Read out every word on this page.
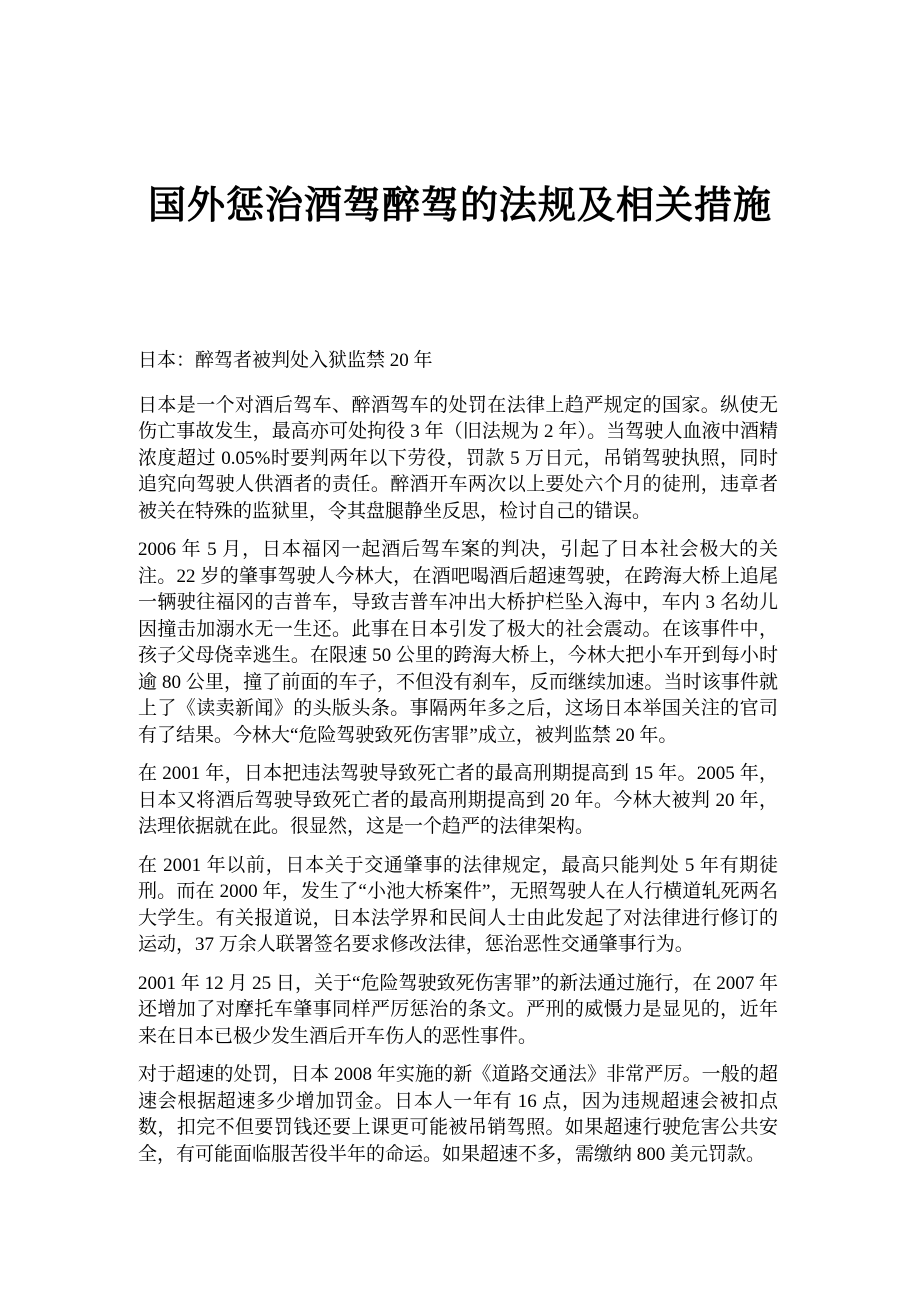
国外惩治酒驾醉驾的法规及相关措施

日本：醉驾者被判处入狱监禁 20 年

日本是一个对酒后驾车、醉酒驾车的处罚在法律上趋严规定的国家。纵使无伤亡事故发生，最高亦可处拘役 3 年（旧法规为 2 年）。当驾驶人血液中酒精浓度超过 0.05%时要判两年以下劳役，罚款 5 万日元，吊销驾驶执照，同时追究向驾驶人供酒者的责任。醉酒开车两次以上要处六个月的徒刑，违章者被关在特殊的监狱里，令其盘腿静坐反思，检讨自己的错误。

2006 年 5 月，日本福冈一起酒后驾车案的判决，引起了日本社会极大的关注。22 岁的肇事驾驶人今林大，在酒吧喝酒后超速驾驶，在跨海大桥上追尾一辆驶往福冈的吉普车，导致吉普车冲出大桥护栏坠入海中，车内 3 名幼儿因撞击加溺水无一生还。此事在日本引发了极大的社会震动。在该事件中，孩子父母侥幸逃生。在限速 50 公里的跨海大桥上，今林大把小车开到每小时逾 80 公里，撞了前面的车子，不但没有刹车，反而继续加速。当时该事件就上了《读卖新闻》的头版头条。事隔两年多之后，这场日本举国关注的官司有了结果。今林大“危险驾驶致死伤害罪”成立，被判监禁 20 年。

在 2001 年，日本把违法驾驶导致死亡者的最高刑期提高到 15 年。2005 年，日本又将酒后驾驶导致死亡者的最高刑期提高到 20 年。今林大被判 20 年，法理依据就在此。很显然，这是一个趋严的法律架构。

在 2001 年以前，日本关于交通肇事的法律规定，最高只能判处 5 年有期徒刑。而在 2000 年，发生了“小池大桥案件”，无照驾驶人在人行横道轧死两名大学生。有关报道说，日本法学界和民间人士由此发起了对法律进行修订的运动，37 万余人联署签名要求修改法律，惩治恶性交通肇事行为。

2001 年 12 月 25 日，关于“危险驾驶致死伤害罪”的新法通过施行，在 2007 年还增加了对摩托车肇事同样严厉惩治的条文。严刑的威慑力是显见的，近年来在日本已极少发生酒后开车伤人的恶性事件。

对于超速的处罚，日本 2008 年实施的新《道路交通法》非常严厉。一般的超速会根据超速多少增加罚金。日本人一年有 16 点，因为违规超速会被扣点数，扣完不但要罚钱还要上课更可能被吊销驾照。如果超速行驶危害公共安全，有可能面临服苦役半年的命运。如果超速不多，需缴纳 800 美元罚款。
